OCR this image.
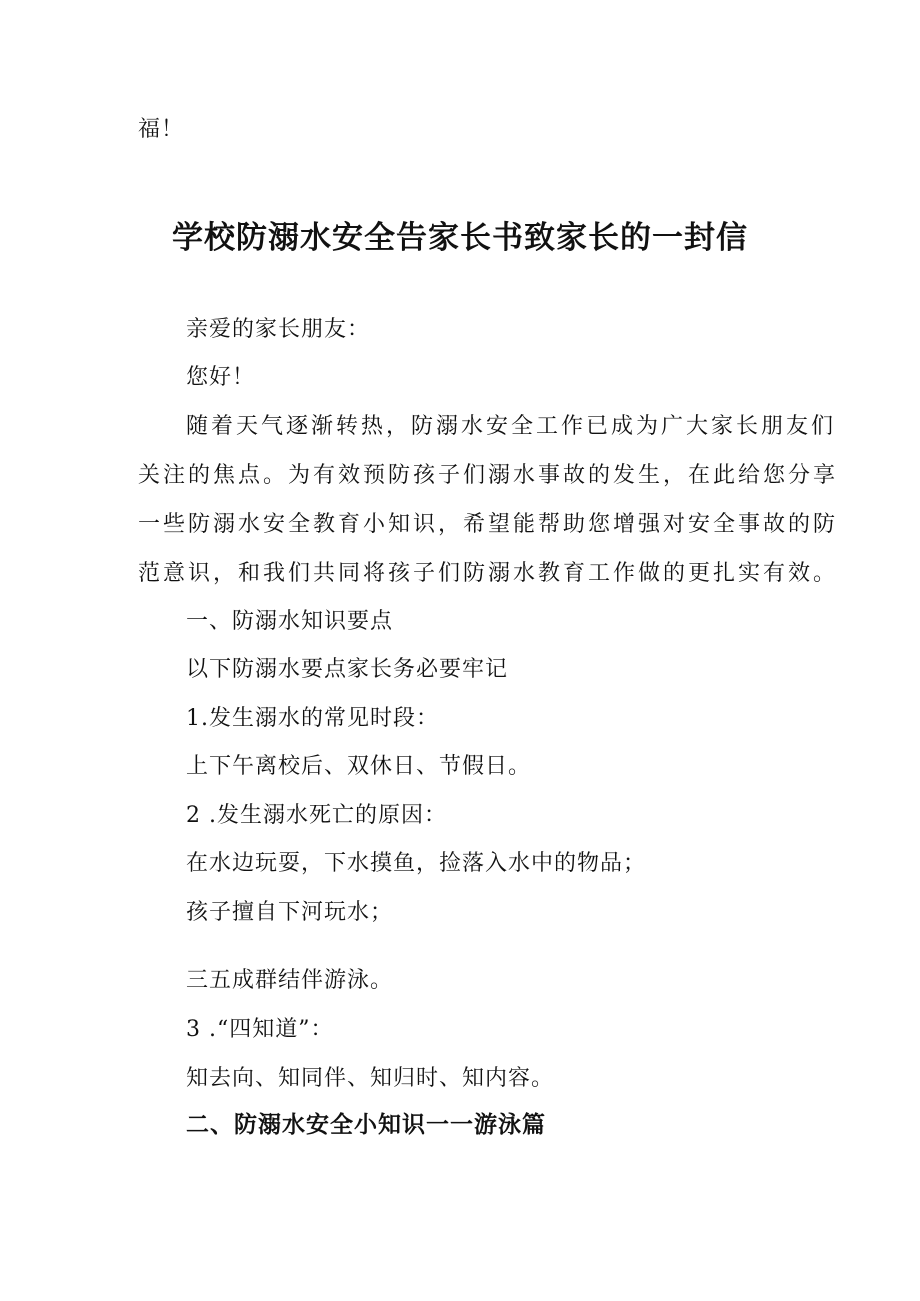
福！
学校防溺水安全告家长书致家长的一封信
亲爱的家长朋友：
您好！
随着天气逐渐转热，防溺水安全工作已成为广大家长朋友们
关注的焦点。为有效预防孩子们溺水事故的发生，在此给您分享
一些防溺水安全教育小知识，希望能帮助您增强对安全事故的防
范意识，和我们共同将孩子们防溺水教育工作做的更扎实有效。
一、防溺水知识要点
以下防溺水要点家长务必要牢记
1.发生溺水的常见时段：
上下午离校后、双休日、节假日。
2 .发生溺水死亡的原因：
在水边玩耍，下水摸鱼，捡落入水中的物品；
孩子擅自下河玩水；
三五成群结伴游泳。
3 .“四知道”：
知去向、知同伴、知归时、知内容。
二、防溺水安全小知识一一游泳篇
